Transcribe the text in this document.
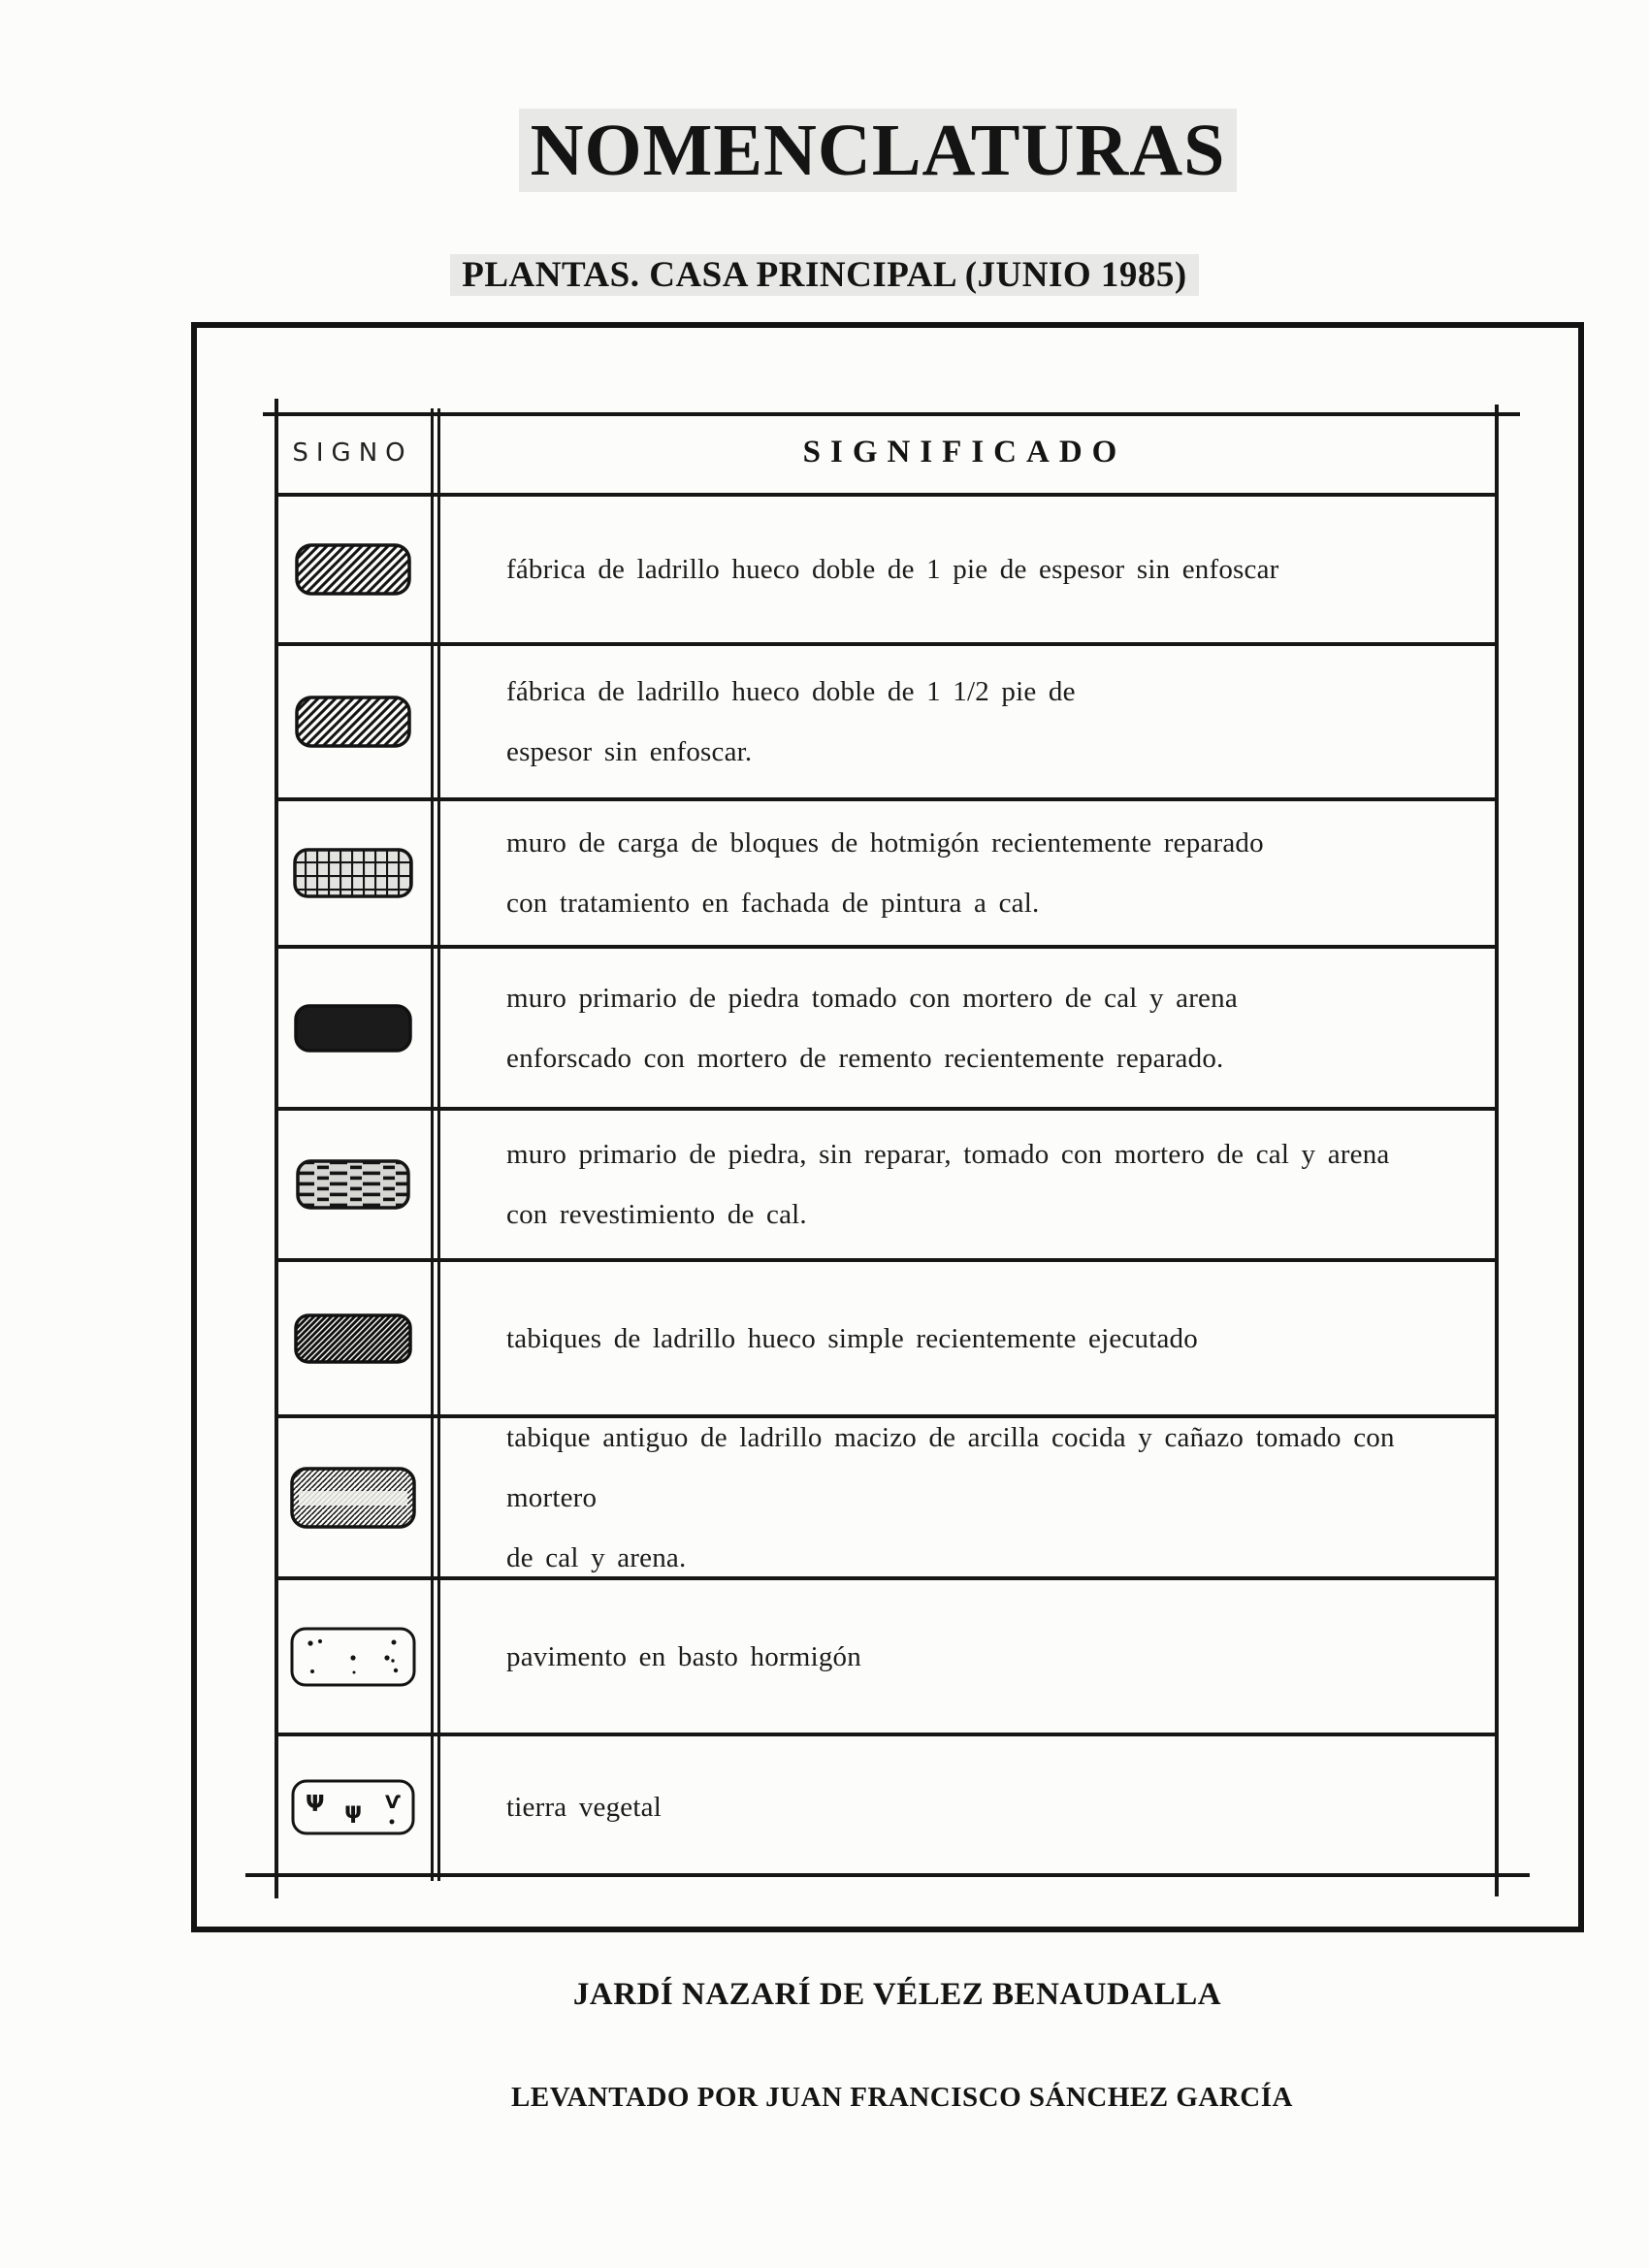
NOMENCLATURAS
PLANTAS. CASA PRINCIPAL (JUNIO 1985)
SIGNO	SIGNIFICADO
fábrica de ladrillo hueco doble de 1 pie de espesor sin enfoscar
fábrica de ladrillo hueco doble de 1 1/2 pie de
espesor sin enfoscar.
muro de carga de bloques de hotmigón recientemente reparado
con tratamiento en fachada de pintura a cal.
muro primario de piedra tomado con mortero de cal y arena
enforscado con mortero de remento recientemente reparado.
muro primario de piedra, sin reparar, tomado con mortero de cal y arena
con revestimiento de cal.
tabiques de ladrillo hueco simple recientemente ejecutado
tabique antiguo de ladrillo macizo de arcilla cocida y cañazo tomado con mortero
de cal y arena.
pavimento en basto hormigón
Ψ ψ Ѵ	tierra vegetal
JARDÍ NAZARÍ DE VÉLEZ BENAUDALLA
LEVANTADO POR JUAN FRANCISCO SÁNCHEZ GARCÍA
